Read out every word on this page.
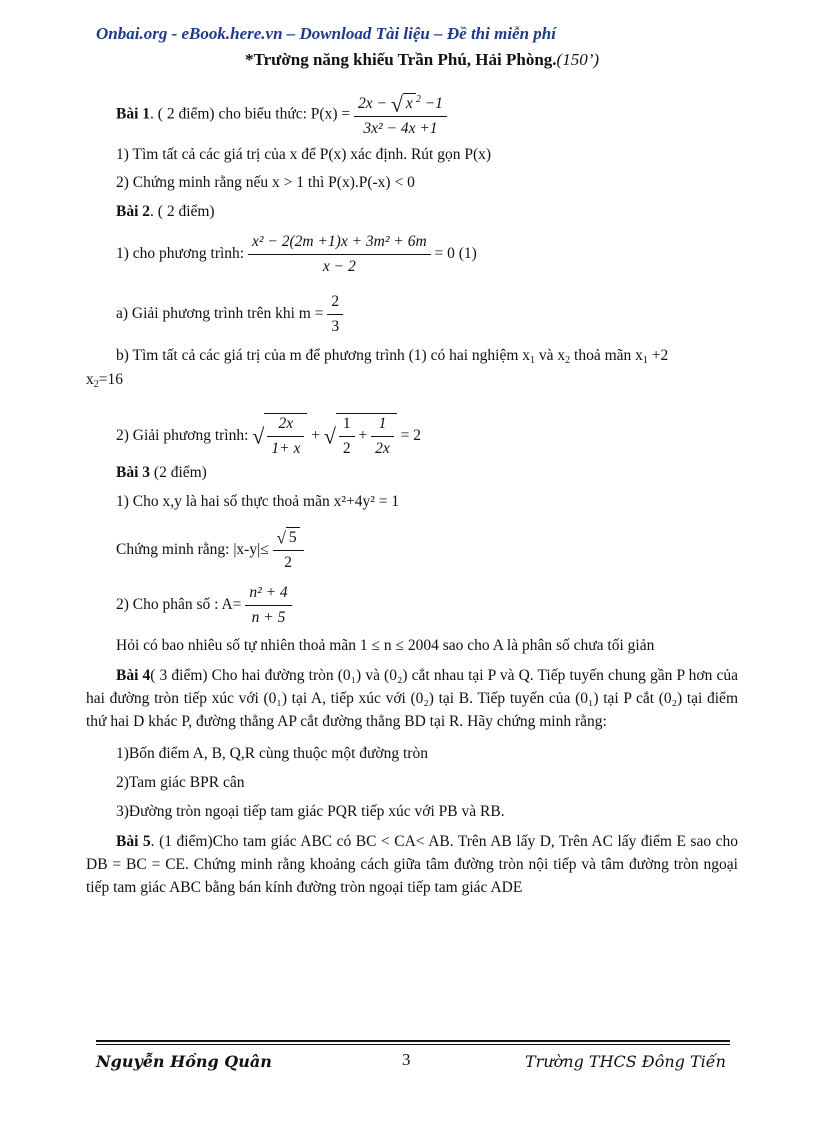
Onbai.org - eBook.here.vn – Download Tài liệu – Đề thi miễn phí
*Trường năng khiếu Trần Phú, Hải Phòng.(150’)
Bài 1. ( 2 điểm) cho biểu thức: $P(x) = \frac{2x - √ x ^2 -1}{\text{3x² − 4x +1}}$
1) Tìm tất cả các giá trị của x để P(x) xác định. Rút gọn P(x)
2) Chứng minh rằng nếu x > 1 thì P(x).P(-x) < 0
Bài 2. ( 2 điểm)
1) cho phương trình: $\frac{\text{x² − 2(2m +1)x + 3m² + 6m}}{x - 2} = 0$ (1)
a) Giải phương trình trên khi $m = \frac{2}{3}$
b) Tìm tất cả các giá trị của m để phương trình (1) có hai nghiệm $x_1$ và $x_2$ thoả mãn $x_1 +2$
$x_2=16$
2) Giải phương trình: √ $\frac{2x}{1+ x}$ + √ $\frac{1}{2} + \frac{1}{2x} = 2$
Bài 3 (2 điểm)
1) Cho x,y là hai số thực thoả mãn x²+4y² = 1
Chứng minh rằng: $|x-y|\le \frac{√ 5}{2}$
2) Cho phân số : $A= \frac{\text{n² + 4}}{n + 5}$
Hỏi có bao nhiêu số tự nhiên thoả mãn 1 ≤ n ≤ 2004 sao cho A là phân số chưa tối giản
Bài 4( 3 điểm) Cho hai đường tròn (0₁) và (0₂) cắt nhau tại P và Q. Tiếp tuyến chung gần P hơn của hai đường tròn tiếp xúc với (0₁) tại A, tiếp xúc với (0₂) tại B. Tiếp tuyến của (0₁) tại P cắt (0₂) tại điểm thứ hai D khác P, đường thẳng AP cắt đường thẳng BD tại R. Hãy chứng minh rằng:
1)Bốn điểm A, B, Q,R cùng thuộc một đường tròn
2)Tam giác BPR cân
3)Đường tròn ngoại tiếp tam giác PQR tiếp xúc với PB và RB.
Bài 5. (1 điểm)Cho tam giác ABC có BC < CA< AB. Trên AB lấy D, Trên AC lấy điểm E sao cho DB = BC = CE. Chứng minh rằng khoảng cách giữa tâm đường tròn nội tiếp và tâm đường tròn ngoại tiếp tam giác ABC bằng bán kính đường tròn ngoại tiếp tam giác ADE
Nguyễn Hồng Quân	3	Trường THCS Đông Tiến
